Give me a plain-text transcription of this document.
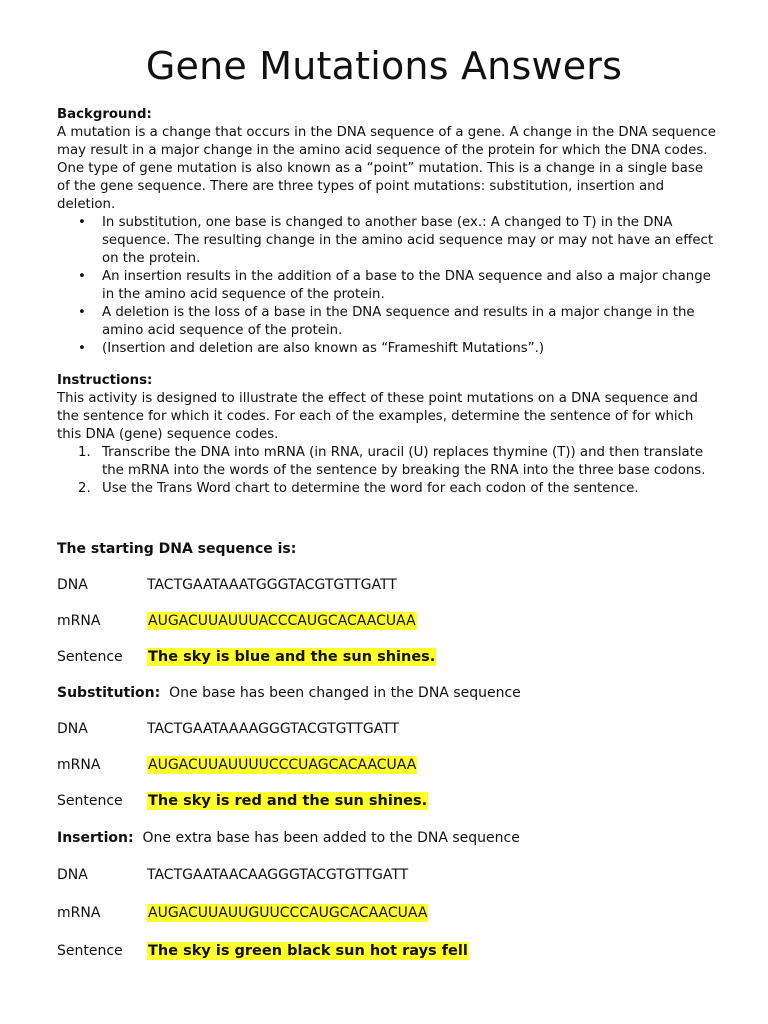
Gene Mutations Answers

Background:

A mutation is a change that occurs in the DNA sequence of a gene. A change in the DNA sequence may result in a major change in the amino acid sequence of the protein for which the DNA codes. One type of gene mutation is also known as a “point” mutation. This is a change in a single base of the gene sequence. There are three types of point mutations: substitution, insertion and deletion.

• In substitution, one base is changed to another base (ex.: A changed to T) in the DNA sequence. The resulting change in the amino acid sequence may or may not have an effect on the protein.
• An insertion results in the addition of a base to the DNA sequence and also a major change in the amino acid sequence of the protein.
• A deletion is the loss of a base in the DNA sequence and results in a major change in the amino acid sequence of the protein.
• (Insertion and deletion are also known as “Frameshift Mutations”.)

Instructions:

This activity is designed to illustrate the effect of these point mutations on a DNA sequence and the sentence for which it codes. For each of the examples, determine the sentence of for which this DNA (gene) sequence codes.

1. Transcribe the DNA into mRNA (in RNA, uracil (U) replaces thymine (T)) and then translate the mRNA into the words of the sentence by breaking the RNA into the three base codons.
2. Use the Trans Word chart to determine the word for each codon of the sentence.
The starting DNA sequence is:
DNA	TACTGAATAAATGGGTACGTGTTGATT
mRNA	AUGACUUAUUUACCCAUGCACAACUAA
Sentence The sky is blue and the sun shines.
Substitution: One base has been changed in the DNA sequence
DNA	TACTGAATAAAAGGGTACGTGTTGATT
mRNA	AUGACUUAUUUUCCCUAGCACAACUAA
Sentence The sky is red and the sun shines.
Insertion: One extra base has been added to the DNA sequence
DNA	TACTGAATAACAAGGGTACGTGTTGATT
mRNA	AUGACUUAUUGUUCCCAUGCACAACUAA
Sentence The sky is green black sun hot rays fell
